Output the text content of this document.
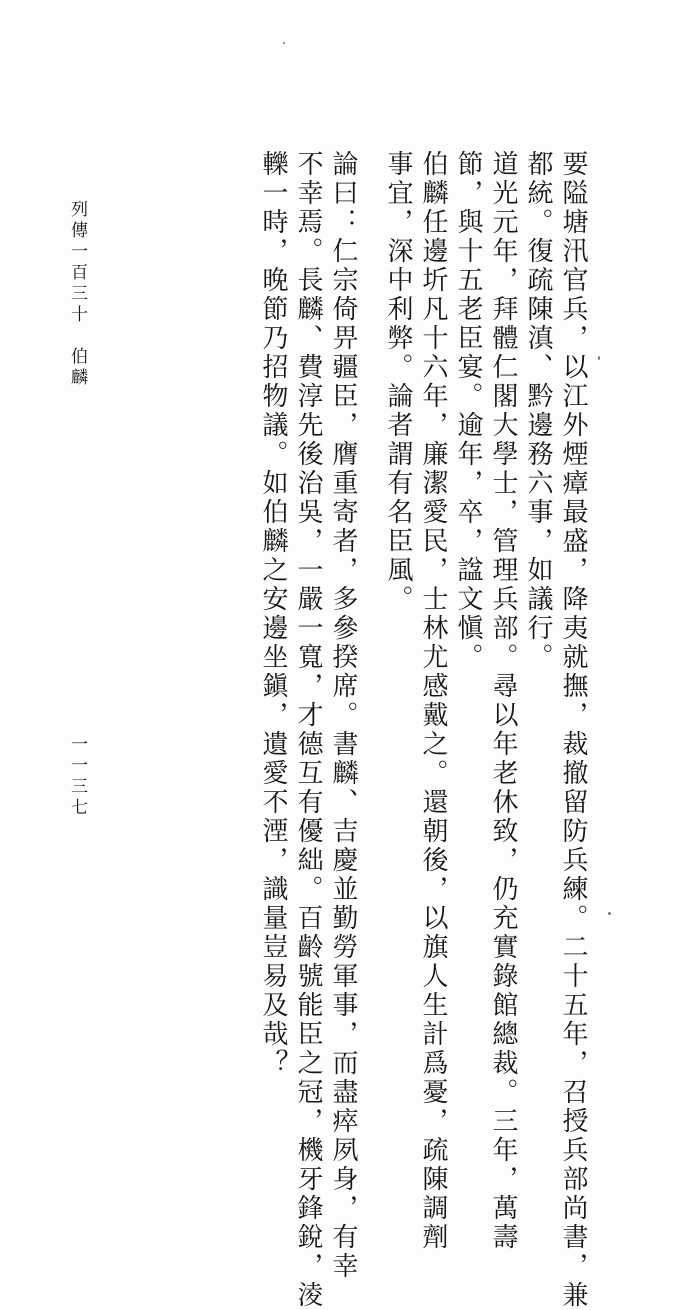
要隘塘汛官兵，以江外煙瘴最盛，降夷就撫，裁撤留防兵練。二十五年，召授兵部尚書，兼
都統。復疏陳滇、黔邊務六事，如議行。
道光元年，拜體仁閣大學士，管理兵部。尋以年老休致，仍充實錄館總裁。三年，萬壽
節，與十五老臣宴。逾年，卒，諡文愼。
伯麟任邊圻凡十六年，廉潔愛民，士林尤感戴之。還朝後，以旗人生計爲憂，疏陳調劑
事宜，深中利弊。論者謂有名臣風。
論曰：仁宗倚畀疆臣，膺重寄者，多參揆席。書麟、吉慶並勤勞軍事，而盡瘁夙身，有幸
不幸焉。長麟、費淳先後治吳，一嚴一寬，才德互有優絀。百齡號能臣之冠，機牙鋒銳，淩
轢一時，晚節乃招物議。如伯麟之安邊坐鎭，遺愛不湮，識量豈易及哉？
列傳一百三十　伯麟
一一三七
